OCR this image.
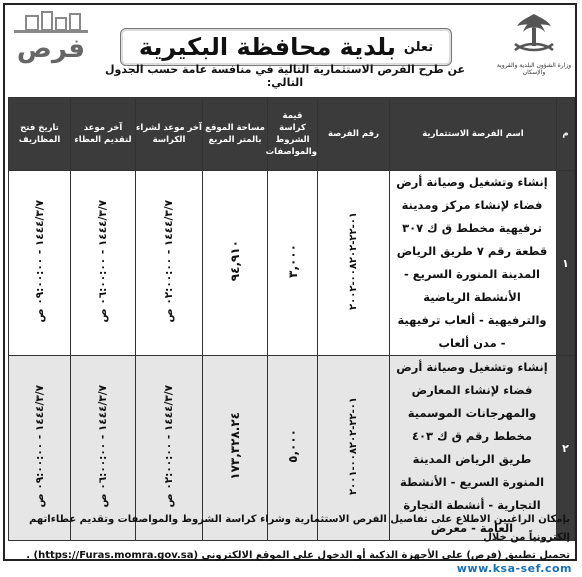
فرص
وزارة الشؤون البلدية والقروية والإسكان
بلدية محافظة البكيرية تعلن
عن طرح الفرص الاستثمارية التالية في منافسة عامة حسب الجدول التالي:
م	اسم الفرصة الاستثمارية	رقم الفرصة	قيمة كراسة الشروط والمواصفات	مساحة الموقع بالمتر المربع	آخر موعد لشراء الكراسة	آخر موعد لتقديم العطاء	تاريخ فتح المظاريف
١	إنشاء وتشغيل وصيانة أرض فضاء لإنشاء مركز ومدينة ترفيهية مخطط ق ك ٣٠٧ قطعة رقم ٧ طريق الرياض المدينة المنورة السريع - الأنشطة الرياضية والترفيهية - ألعاب ترفيهية - مدن ألعاب	٠١-٢٢-٠٠٨٢٠٢-٢٠٠٢	٣,٠٠٠	٩٤,٩١٠	١٤٤٤/٣/٧ - ٠٢:٠٠:٠٠ ص	١٤٤٤/٣/٧ - ٠٦:٠٠:٠٠ ص	١٤٤٤/٣/٧ - ٠٩:٠٠:٠٠ ص
٢	إنشاء وتشغيل وصيانة أرض فضاء لإنشاء المعارض والمهرجانات الموسمية مخطط رقم ق ك ٤٠٣ طريق الرياض المدينة المنورة السريع - الأنشطة التجارية - أنشطة التجارة العامة - معرض	٠١-٢٢-٠٠٨٢٠٢-٢٠٠١	٥,٠٠٠	١٧٣,٣٢٨.٢٤	١٤٤٤/٣/٧ - ٠٢:٠٠:٠٠ ص	١٤٤٤/٣/٧ - ٠٦:٠٠:٠٠ ص	١٤٤٤/٣/٧ - ٠٩:٠٠:٠٠ ص
بإمكان الراغبين الاطلاع على تفاصيل الفرص الاستثمارية وشراء كراسة الشروط والمواصفات وتقديم عطاءاتهم إلكترونياً من خلال
تحميل تطبيق (فرص) على الأجهزة الذكية أو الدخول على الموقع الالكتروني (https://Furas.momra.gov.sa) .
www.ksa-sef.com
